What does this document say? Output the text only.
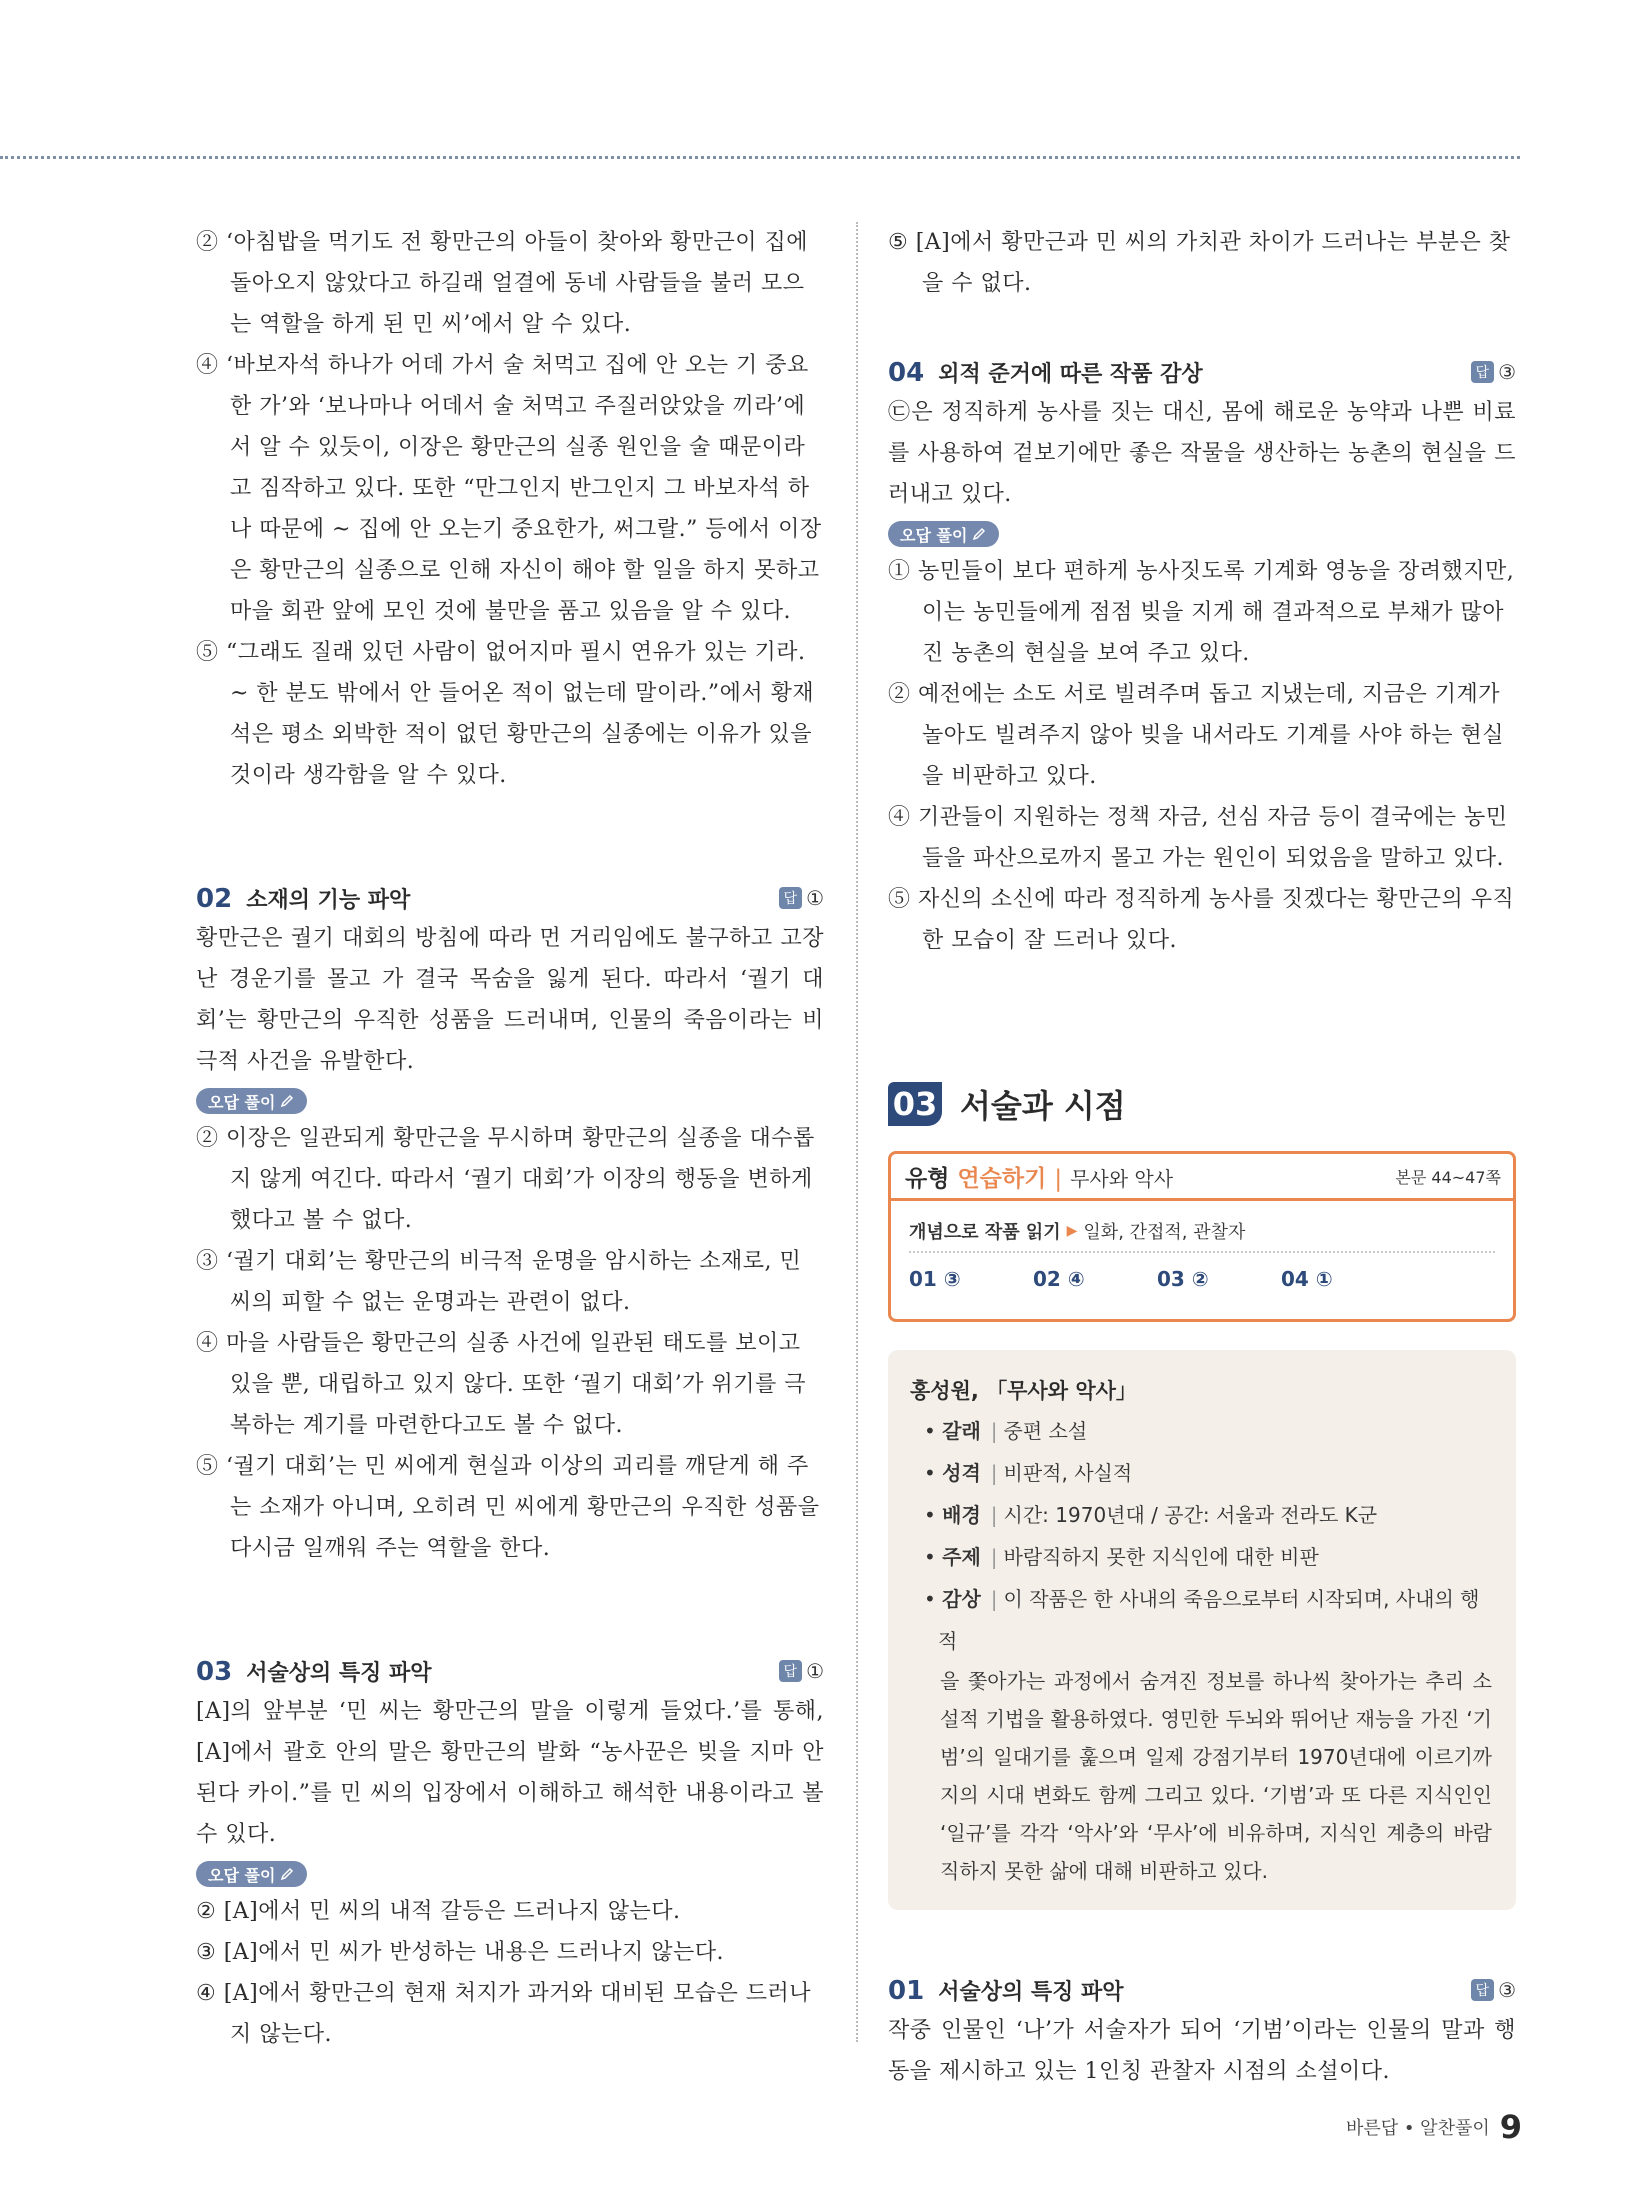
② ‘아침밥을 먹기도 전 황만근의 아들이 찾아와 황만근이 집에 돌아오지 않았다고 하길래 얼결에 동네 사람들을 불러 모으는 역할을 하게 된 민 씨’에서 알 수 있다.
④ ‘바보자석 하나가 어데 가서 술 처먹고 집에 안 오는 기 중요한 가’와 ‘보나마나 어데서 술 처먹고 주질러앉았을 끼라’에서 알 수 있듯이, 이장은 황만근의 실종 원인을 술 때문이라고 짐작하고 있다. 또한 “만그인지 반그인지 그 바보자석 하나 따문에 ~ 집에 안 오는기 중요한가, 써그랄.” 등에서 이장은 황만근의 실종으로 인해 자신이 해야 할 일을 하지 못하고 마을 회관 앞에 모인 것에 불만을 품고 있음을 알 수 있다.
⑤ “그래도 질래 있던 사람이 없어지마 필시 연유가 있는 기라. ~ 한 분도 밖에서 안 들어온 적이 없는데 말이라.”에서 황재석은 평소 외박한 적이 없던 황만근의 실종에는 이유가 있을 것이라 생각함을 알 수 있다.
02 소재의 기능 파악	답 ①

황만근은 궐기 대회의 방침에 따라 먼 거리임에도 불구하고 고장 난 경운기를 몰고 가 결국 목숨을 잃게 된다. 따라서 ‘궐기 대회’는 황만근의 우직한 성품을 드러내며, 인물의 죽음이라는 비극적 사건을 유발한다.

오답 풀이
② 이장은 일관되게 황만근을 무시하며 황만근의 실종을 대수롭지 않게 여긴다. 따라서 ‘궐기 대회’가 이장의 행동을 변하게 했다고 볼 수 없다.
③ ‘궐기 대회’는 황만근의 비극적 운명을 암시하는 소재로, 민 씨의 피할 수 없는 운명과는 관련이 없다.
④ 마을 사람들은 황만근의 실종 사건에 일관된 태도를 보이고 있을 뿐, 대립하고 있지 않다. 또한 ‘궐기 대회’가 위기를 극복하는 계기를 마련한다고도 볼 수 없다.
⑤ ‘궐기 대회’는 민 씨에게 현실과 이상의 괴리를 깨닫게 해 주는 소재가 아니며, 오히려 민 씨에게 황만근의 우직한 성품을 다시금 일깨워 주는 역할을 한다.
03 서술상의 특징 파악	답 ①

[A]의 앞부분 ‘민 씨는 황만근의 말을 이렇게 들었다.’를 통해, [A]에서 괄호 안의 말은 황만근의 발화 “농사꾼은 빚을 지마 안된다 카이.”를 민 씨의 입장에서 이해하고 해석한 내용이라고 볼 수 있다.

오답 풀이
② [A]에서 민 씨의 내적 갈등은 드러나지 않는다.
③ [A]에서 민 씨가 반성하는 내용은 드러나지 않는다.
④ [A]에서 황만근의 현재 처지가 과거와 대비된 모습은 드러나지 않는다.
⑤ [A]에서 황만근과 민 씨의 가치관 차이가 드러나는 부분은 찾을 수 없다.
04 외적 준거에 따른 작품 감상	답 ③

㉢은 정직하게 농사를 짓는 대신, 몸에 해로운 농약과 나쁜 비료를 사용하여 겉보기에만 좋은 작물을 생산하는 농촌의 현실을 드러내고 있다.

오답 풀이
① 농민들이 보다 편하게 농사짓도록 기계화 영농을 장려했지만, 이는 농민들에게 점점 빚을 지게 해 결과적으로 부채가 많아진 농촌의 현실을 보여 주고 있다.
② 예전에는 소도 서로 빌려주며 돕고 지냈는데, 지금은 기계가 놀아도 빌려주지 않아 빚을 내서라도 기계를 사야 하는 현실을 비판하고 있다.
④ 기관들이 지원하는 정책 자금, 선심 자금 등이 결국에는 농민들을 파산으로까지 몰고 가는 원인이 되었음을 말하고 있다.
⑤ 자신의 소신에 따라 정직하게 농사를 짓겠다는 황만근의 우직한 모습이 잘 드러나 있다.
03 서술과 시점
유형 연습하기 | 무사와 악사	본문 44~47쪽
개념으로 작품 읽기 ▶ 일화, 간접적, 관찰자
01 ③	02 ④	03 ②	04 ①
홍성원, 「무사와 악사」
• 갈래 | 중편 소설
• 성격 | 비판적, 사실적
• 배경 | 시간: 1970년대 / 공간: 서울과 전라도 K군
• 주제 | 바람직하지 못한 지식인에 대한 비판
• 감상 | 이 작품은 한 사내의 죽음으로부터 시작되며, 사내의 행적
을 쫓아가는 과정에서 숨겨진 정보를 하나씩 찾아가는 추리 소설적 기법을 활용하였다. 영민한 두뇌와 뛰어난 재능을 가진 ‘기범’의 일대기를 훑으며 일제 강점기부터 1970년대에 이르기까지의 시대 변화도 함께 그리고 있다. ‘기범’과 또 다른 지식인인 ‘일규’를 각각 ‘악사’와 ‘무사’에 비유하며, 지식인 계층의 바람직하지 못한 삶에 대해 비판하고 있다.
01 서술상의 특징 파악	답 ③

작중 인물인 ‘나’가 서술자가 되어 ‘기범’이라는 인물의 말과 행동을 제시하고 있는 1인칭 관찰자 시점의 소설이다.

바른답 • 알찬풀이 9
